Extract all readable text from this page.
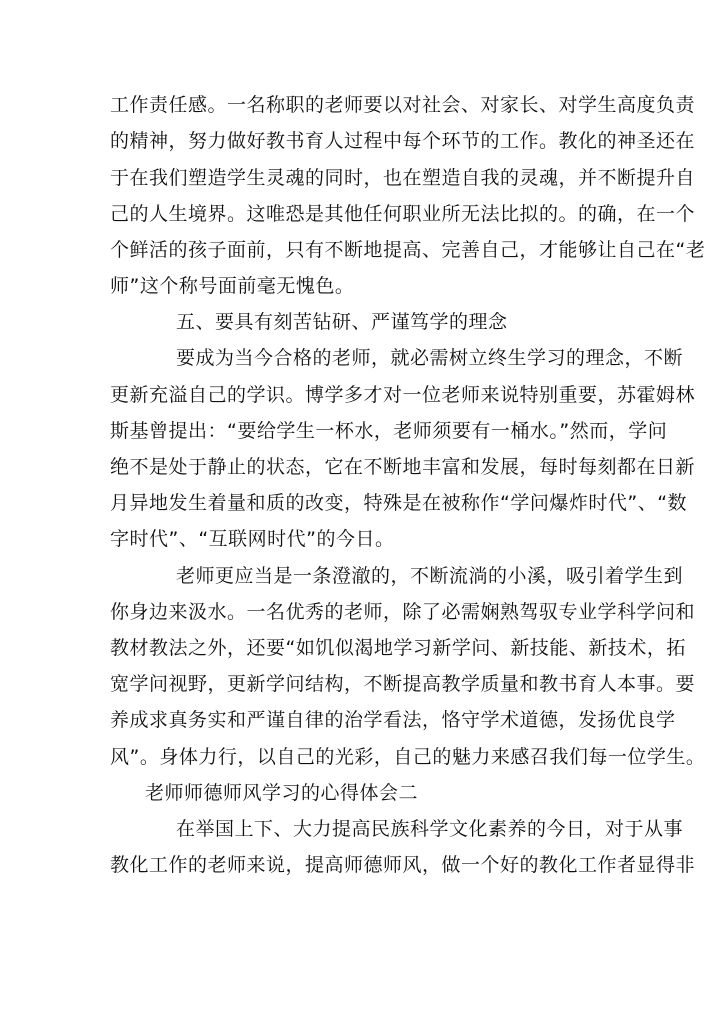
工作责任感。一名称职的老师要以对社会、对家长、对学生高度负责
的精神，努力做好教书育人过程中每个环节的工作。教化的神圣还在
于在我们塑造学生灵魂的同时，也在塑造自我的灵魂，并不断提升自
己的人生境界。这唯恐是其他任何职业所无法比拟的。的确，在一个
个鲜活的孩子面前，只有不断地提高、完善自己，才能够让自己在“老
师”这个称号面前毫无愧色。
五、要具有刻苦钻研、严谨笃学的理念
要成为当今合格的老师，就必需树立终生学习的理念，不断
更新充溢自己的学识。博学多才对一位老师来说特别重要，苏霍姆林
斯基曾提出：“要给学生一杯水，老师须要有一桶水。”然而，学问
绝不是处于静止的状态，它在不断地丰富和发展，每时每刻都在日新
月异地发生着量和质的改变，特殊是在被称作“学问爆炸时代”、“数
字时代”、“互联网时代”的今日。
老师更应当是一条澄澈的，不断流淌的小溪，吸引着学生到
你身边来汲水。一名优秀的老师，除了必需娴熟驾驭专业学科学问和
教材教法之外，还要“如饥似渴地学习新学问、新技能、新技术，拓
宽学问视野，更新学问结构，不断提高教学质量和教书育人本事。要
养成求真务实和严谨自律的治学看法，恪守学术道德，发扬优良学
风”。身体力行，以自己的光彩，自己的魅力来感召我们每一位学生。
老师师德师风学习的心得体会二
在举国上下、大力提高民族科学文化素养的今日，对于从事
教化工作的老师来说，提高师德师风，做一个好的教化工作者显得非
